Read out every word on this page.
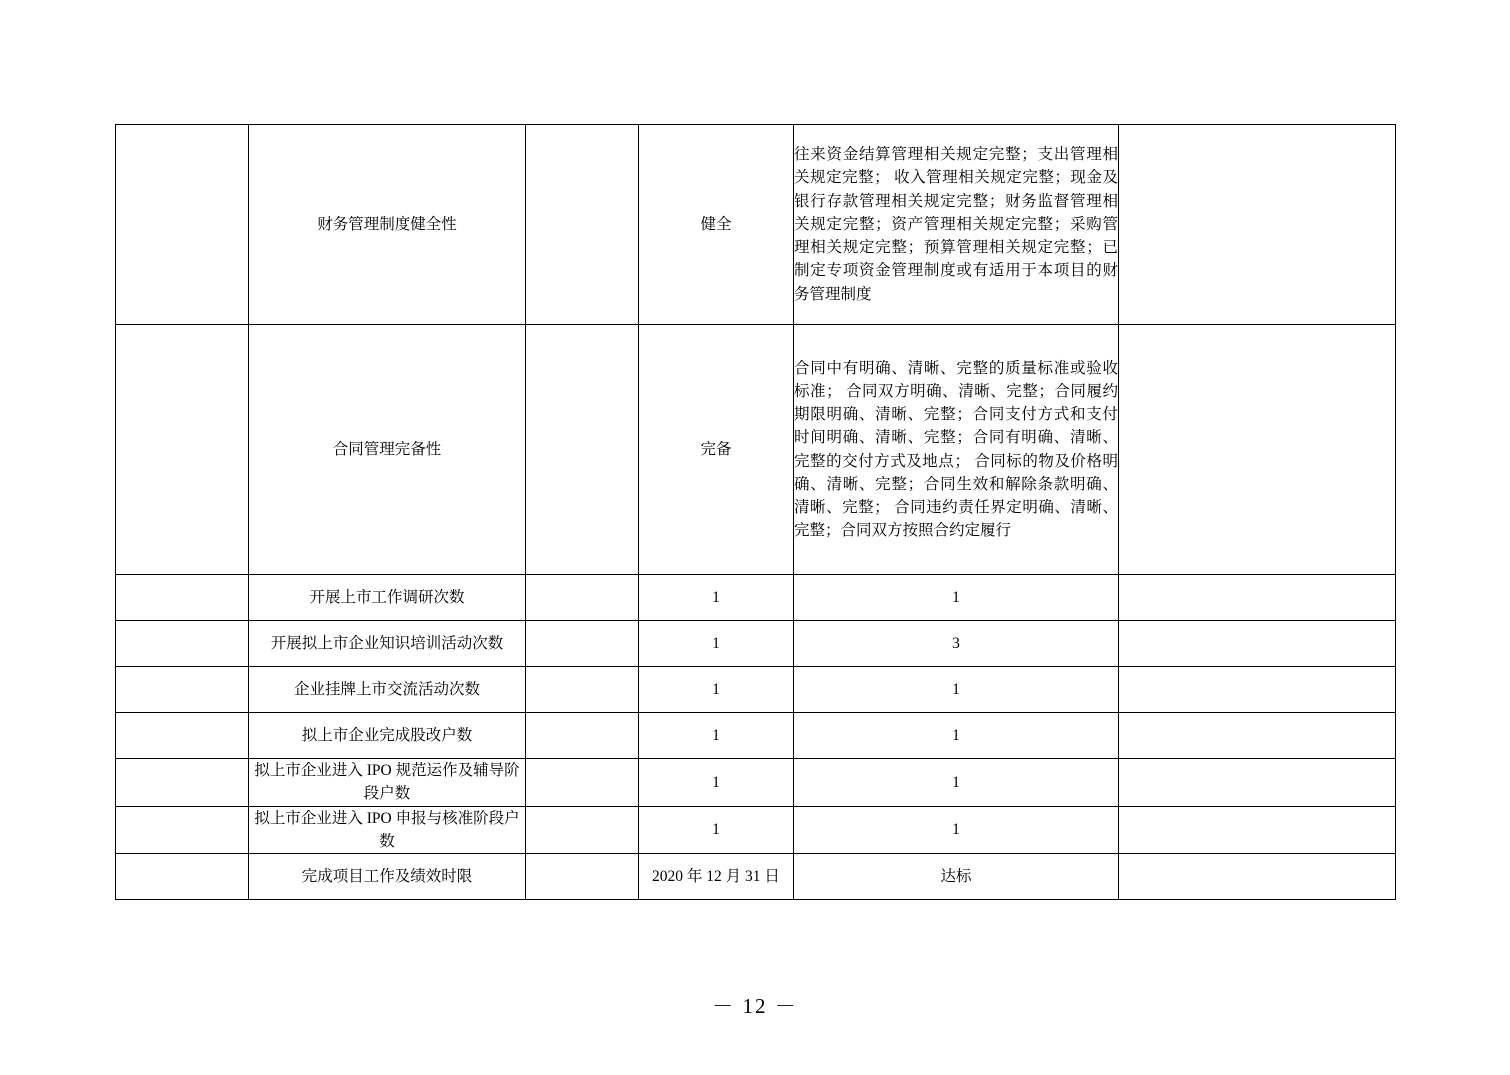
	财务管理制度健全性		健全	往来资金结算管理相关规定完整；支出管理相关规定完整； 收入管理相关规定完整；现金及银行存款管理相关规定完整；财务监督管理相关规定完整；资产管理相关规定完整；采购管理相关规定完整；预算管理相关规定完整；已制定专项资金管理制度或有适用于本项目的财务管理制度	
	合同管理完备性		完备	合同中有明确、清晰、完整的质量标准或验收标准； 合同双方明确、清晰、完整；合同履约期限明确、清晰、完整；合同支付方式和支付时间明确、清晰、完整；合同有明确、清晰、完整的交付方式及地点； 合同标的物及价格明确、清晰、完整；合同生效和解除条款明确、清晰、完整； 合同违约责任界定明确、清晰、完整；合同双方按照合约定履行	
	开展上市工作调研次数		1	1	
	开展拟上市企业知识培训活动次数		1	3	
	企业挂牌上市交流活动次数		1	1	
	拟上市企业完成股改户数		1	1	
	拟上市企业进入 IPO 规范运作及辅导阶段户数		1	1	
	拟上市企业进入 IPO 申报与核准阶段户数		1	1	
	完成项目工作及绩效时限		2020 年 12 月 31 日	达标	
－ 12 －
